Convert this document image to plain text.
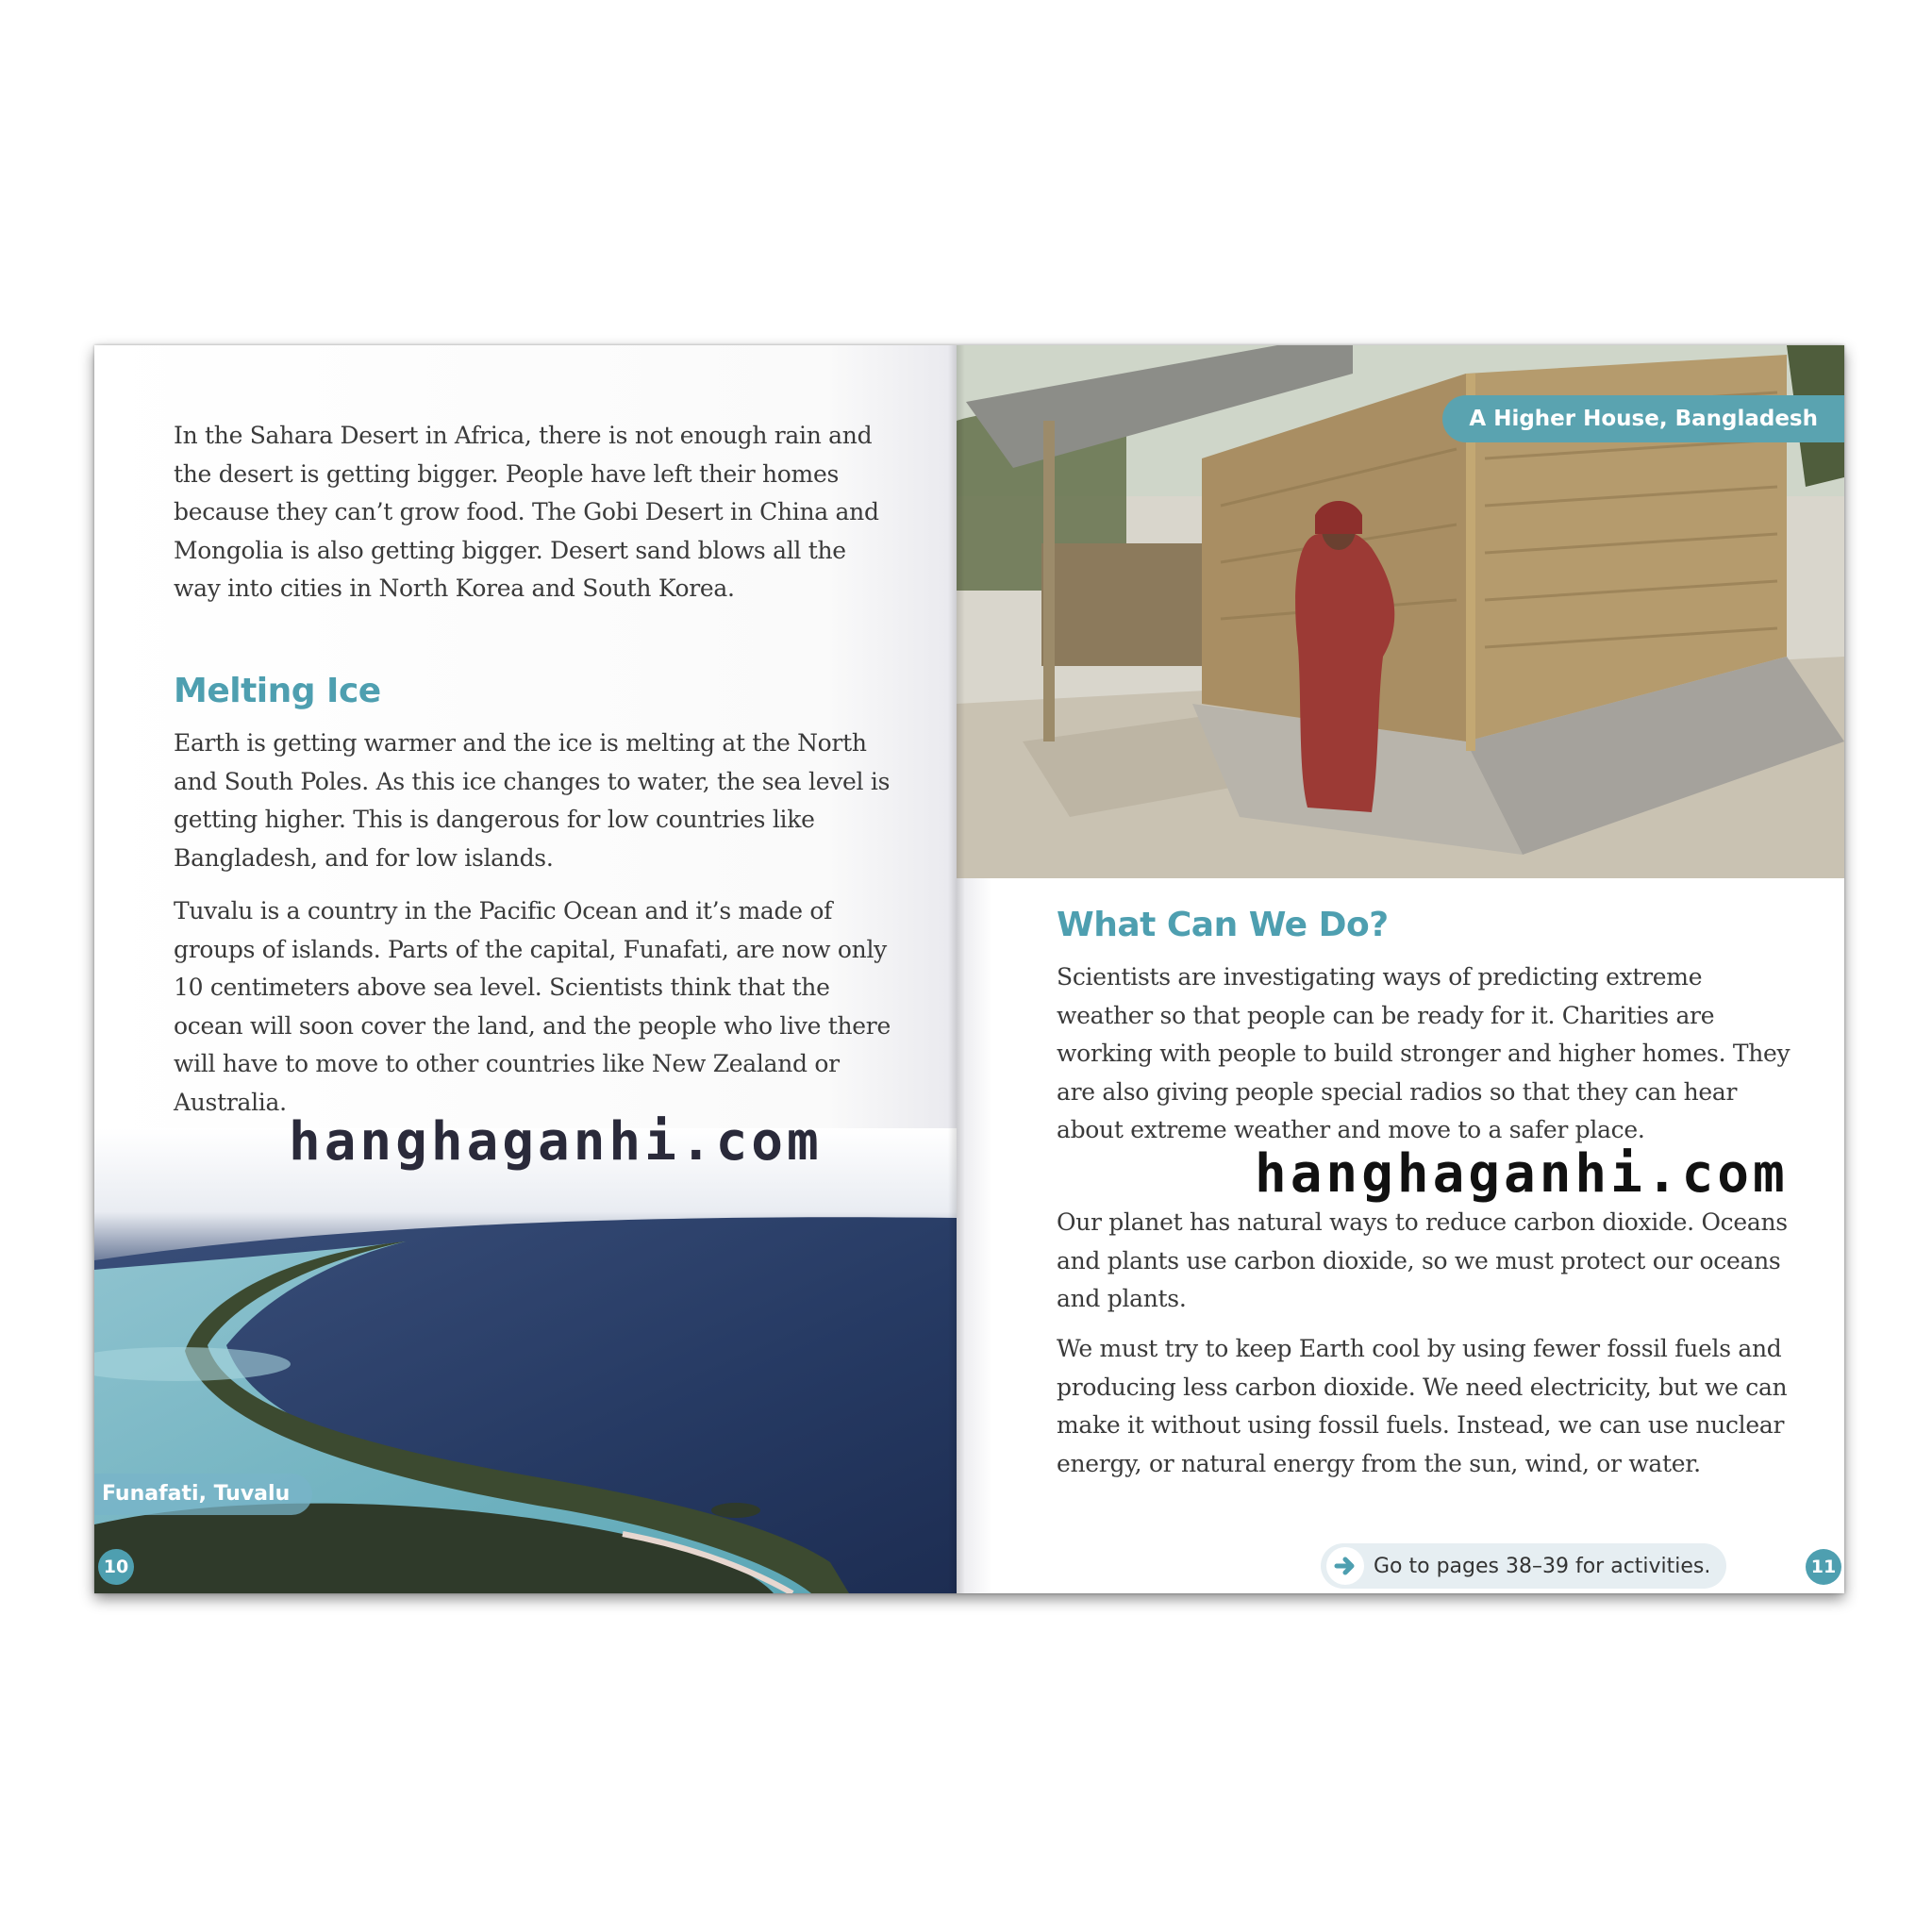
In the Sahara Desert in Africa, there is not enough rain and the desert is getting bigger. People have left their homes because they can’t grow food. The Gobi Desert in China and Mongolia is also getting bigger. Desert sand blows all the way into cities in North Korea and South Korea.

Melting Ice

Earth is getting warmer and the ice is melting at the North and South Poles. As this ice changes to water, the sea level is getting higher. This is dangerous for low countries like Bangladesh, and for low islands.

Tuvalu is a country in the Pacific Ocean and it’s made of groups of islands. Parts of the capital, Funafati, are now only 10 centimeters above sea level. Scientists think that the ocean will soon cover the land, and the people who live there will have to move to other countries like New Zealand or Australia.

Funafati, Tuvalu
10
A Higher House, Bangladesh
What Can We Do?

Scientists are investigating ways of predicting extreme weather so that people can be ready for it. Charities are working with people to build stronger and higher homes. They are also giving people special radios so that they can hear about extreme weather and move to a safer place.

Our planet has natural ways to reduce carbon dioxide. Oceans and plants use carbon dioxide, so we must protect our oceans and plants.

We must try to keep Earth cool by using fewer fossil fuels and producing less carbon dioxide. We need electricity, but we can make it without using fossil fuels. Instead, we can use nuclear energy, or natural energy from the sun, wind, or water.

Go to pages 38–39 for activities.	11
hanghaganhi.com
hanghaganhi.com
